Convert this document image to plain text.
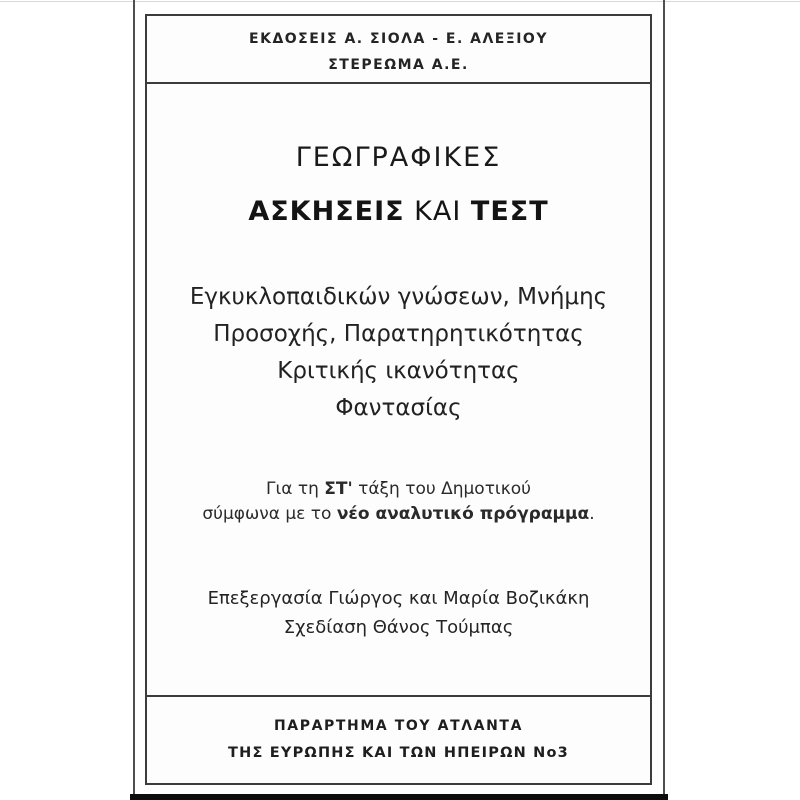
ΕΚΔΟΣΕΙΣ Α. ΣΙΟΛΑ - Ε. ΑΛΕΞΙΟΥ
ΣΤΕΡΕΩΜΑ Α.Ε.
ΓΕΩΓΡΑΦΙΚΕΣ
ΑΣΚΗΣΕΙΣ ΚΑΙ ΤΕΣΤ
Εγκυκλοπαιδικών γνώσεων, Μνήμης
Προσοχής, Παρατηρητικότητας
Κριτικής ικανότητας
Φαντασίας
Για τη ΣΤ' τάξη του Δημοτικού
σύμφωνα με το νέο αναλυτικό πρόγραμμα.
Επεξεργασία Γιώργος και Μαρία Βοζικάκη
Σχεδίαση Θάνος Τούμπας
ΠΑΡΑΡΤΗΜΑ ΤΟΥ ΑΤΛΑΝΤΑ
ΤΗΣ ΕΥΡΩΠΗΣ ΚΑΙ ΤΩΝ ΗΠΕΙΡΩΝ Νο3
